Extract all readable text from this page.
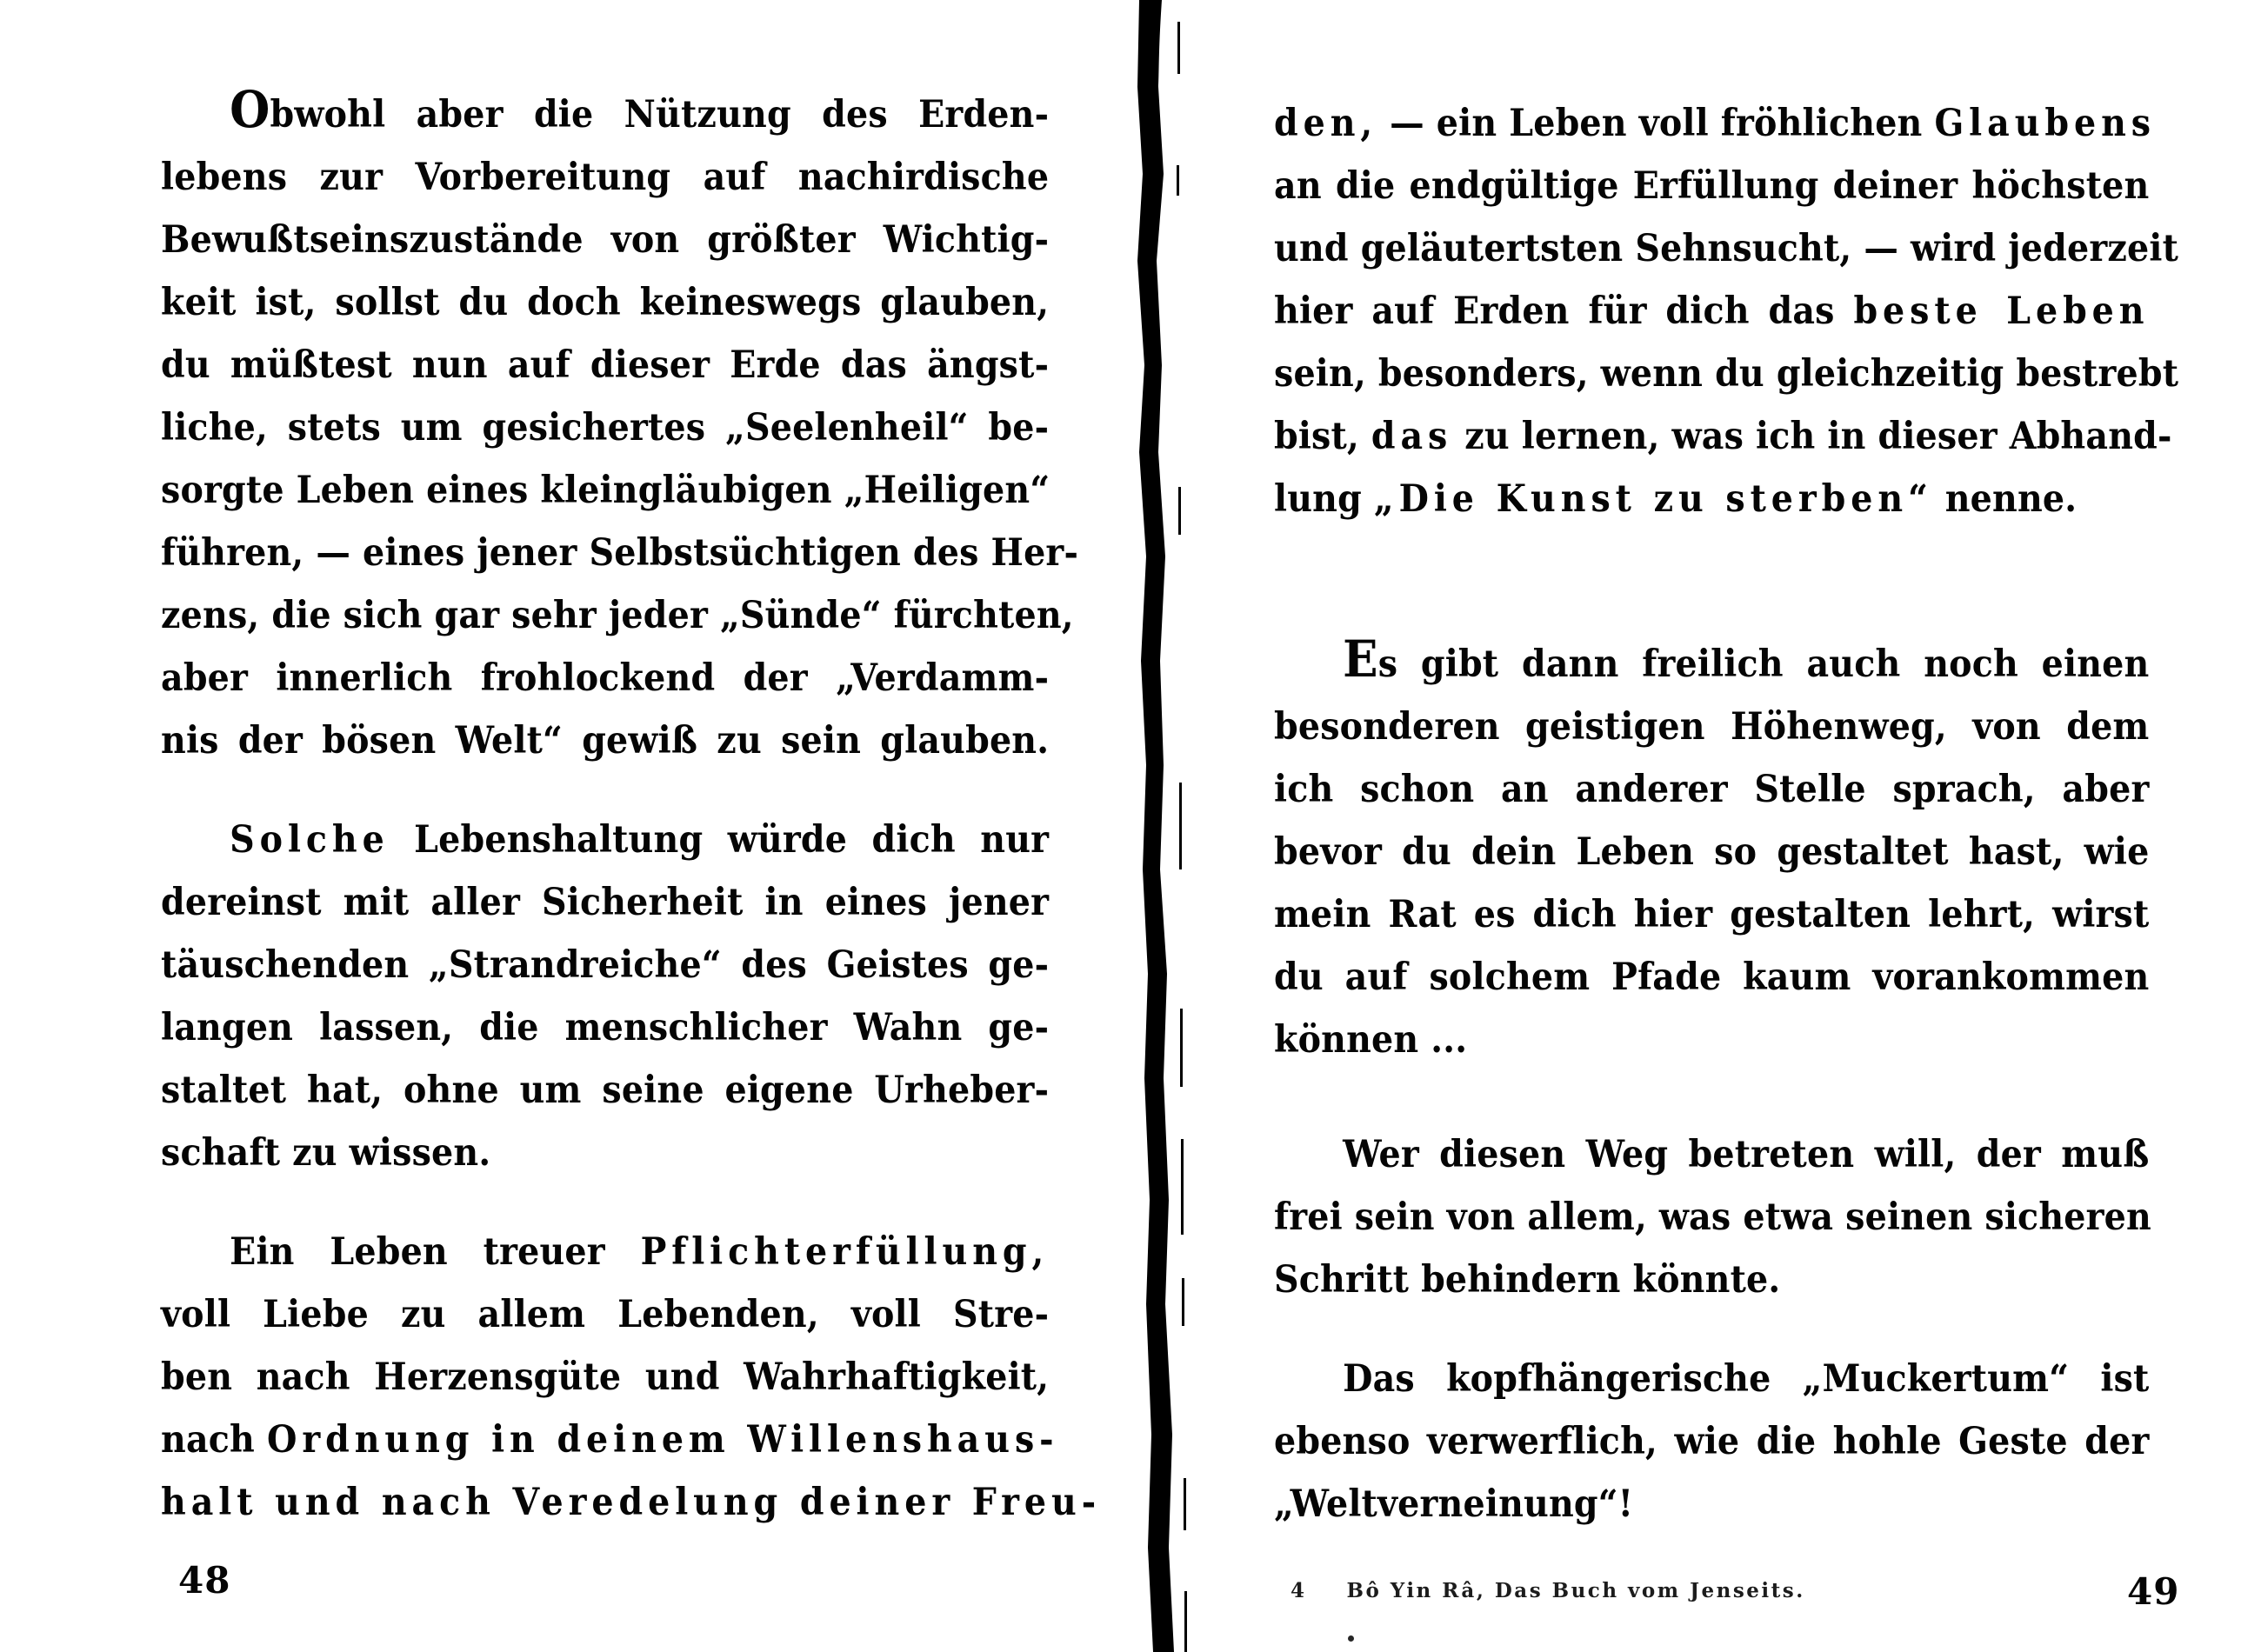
Obwohl aber die Nützung des Erden-
lebens zur Vorbereitung auf nachirdische
Bewußtseinszustände von größter Wichtig-
keit ist, sollst du doch keineswegs glauben,
du müßtest nun auf dieser Erde das ängst-
liche, stets um gesichertes „Seelenheil“ be-
sorgte Leben eines kleingläubigen „Heiligen“
führen, — eines jener Selbstsüchtigen des Her-
zens, die sich gar sehr jeder „Sünde“ fürchten,
aber innerlich frohlockend der „Verdamm-
nis der bösen Welt“ gewiß zu sein glauben.
Solche Lebenshaltung würde dich nur
dereinst mit aller Sicherheit in eines jener
täuschenden „Strandreiche“ des Geistes ge-
langen lassen, die menschlicher Wahn ge-
staltet hat, ohne um seine eigene Urheber-
schaft zu wissen.
Ein Leben treuer Pflichterfüllung,
voll Liebe zu allem Lebenden, voll Stre-
ben nach Herzensgüte und Wahrhaftigkeit,
nach Ordnung in deinem Willenshaus-
halt und nach Veredelung deiner Freu-
den, — ein Leben voll fröhlichen Glaubens
an die endgültige Erfüllung deiner höchsten
und geläutertsten Sehnsucht, — wird jederzeit
hier auf Erden für dich das beste Leben
sein, besonders, wenn du gleichzeitig bestrebt
bist, das zu lernen, was ich in dieser Abhand-
lung „Die Kunst zu sterben“ nenne.
Es gibt dann freilich auch noch einen
besonderen geistigen Höhenweg, von dem
ich schon an anderer Stelle sprach, aber
bevor du dein Leben so gestaltet hast, wie
mein Rat es dich hier gestalten lehrt, wirst
du auf solchem Pfade kaum vorankommen
können ...
Wer diesen Weg betreten will, der muß
frei sein von allem, was etwa seinen sicheren
Schritt behindern könnte.
Das kopfhängerische „Muckertum“ ist
ebenso verwerflich, wie die hohle Geste der
„Weltverneinung“!
48	49
4 Bô Yin Râ, Das Buch vom Jenseits.
